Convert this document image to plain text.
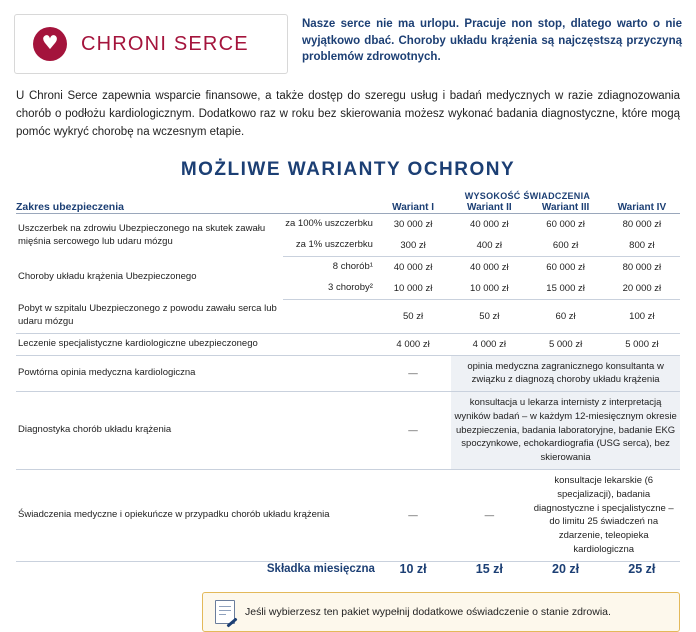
♥	CHRONI SERCE
Nasze serce nie ma urlopu. Pracuje non stop, dlatego warto o nie wyjątkowo dbać. Choroby układu krążenia są najczęstszą przyczyną problemów zdrowotnych.
U Chroni Serce zapewnia wsparcie finansowe, a także dostęp do szeregu usług i badań medycznych w razie zdiagnozowania chorób o podłożu kardiologicznym. Dodatkowo raz w roku bez skierowania możesz wykonać badania diagnostyczne, które mogą pomóc wykryć chorobę na wczesnym etapie.
MOŻLIWE WARIANTY OCHRONY
		WYSOKOŚĆ ŚWIADCZENIA			
Zakres ubezpieczenia		Wariant I	Wariant II	Wariant III	Wariant IV
Uszczerbek na zdrowiu Ubezpieczonego na skutek zawału mięśnia sercowego lub udaru mózgu	za 100% uszczerbku	30 000 zł	40 000 zł	60 000 zł	80 000 zł
	za 1% uszczerbku	300 zł	400 zł	600 zł	800 zł
Choroby układu krążenia Ubezpieczonego	8 chorób¹	40 000 zł	40 000 zł	60 000 zł	80 000 zł
	3 choroby²	10 000 zł	10 000 zł	15 000 zł	20 000 zł
Pobyt w szpitalu Ubezpieczonego z powodu zawału serca lub udaru mózgu		50 zł	50 zł	60 zł	100 zł
Leczenie specjalistyczne kardiologiczne ubezpieczonego		4 000 zł	4 000 zł	5 000 zł	5 000 zł
Powtórna opinia medyczna kardiologiczna		—	opinia medyczna zagranicznego konsultanta w związku z diagnozą choroby układu krążenia		
Diagnostyka chorób układu krążenia		—	konsultacja u lekarza internisty z interpretacją wyników badań – w każdym 12-miesięcznym okresie ubezpieczenia, badania laboratoryjne, badanie EKG spoczynkowe, echokardiografia (USG serca), bez skierowania		
Świadczenia medyczne i opiekuńcze w przypadku chorób układu krążenia		—	—	konsultacje lekarskie (6 specjalizacji), badania diagnostyczne i specjalistyczne – do limitu 25 świadczeń na zdarzenie, teleopieka kardiologiczna	
Składka miesięczna		10 zł	15 zł	20 zł	25 zł
Jeśli wybierzesz ten pakiet wypełnij dodatkowe oświadczenie o stanie zdrowia.
